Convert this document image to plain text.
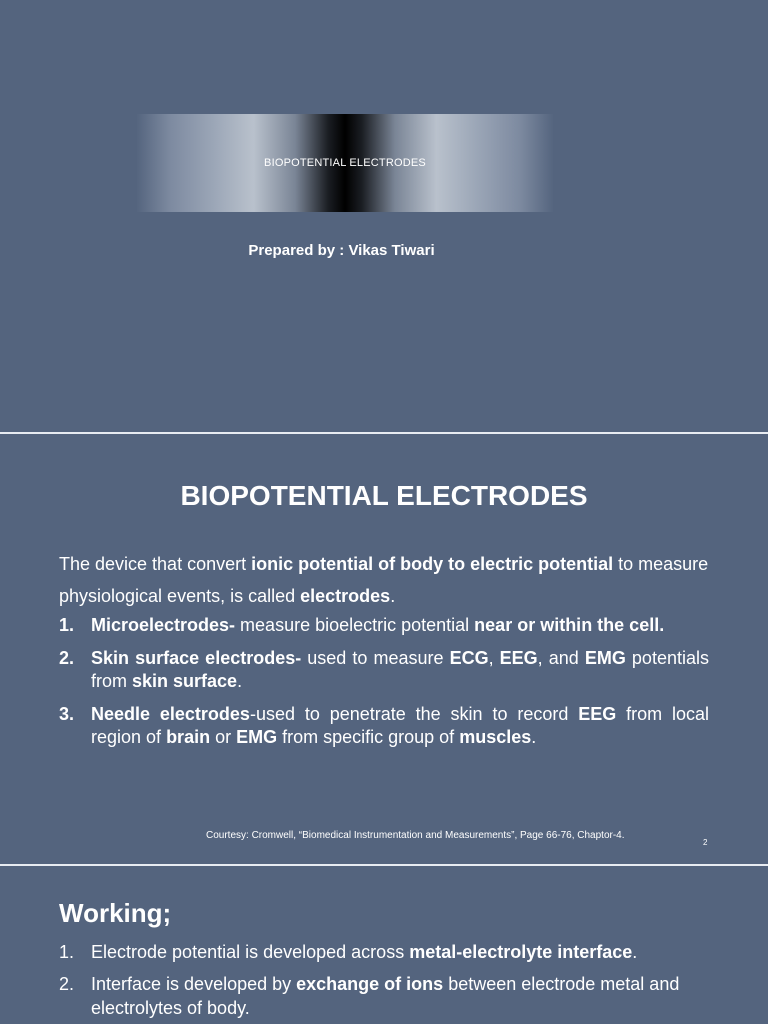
BIOPOTENTIAL ELECTRODES
Prepared by : Vikas Tiwari
BIOPOTENTIAL ELECTRODES
The device that convert ionic potential of body to electric potential to measure physiological events, is called electrodes.
1. Microelectrodes- measure bioelectric potential near or within the cell.
2. Skin surface electrodes- used to measure ECG, EEG, and EMG potentials from skin surface.
3. Needle electrodes-used to penetrate the skin to record EEG from local region of brain or EMG from specific group of muscles.
Courtesy: Cromwell, “Biomedical Instrumentation and Measurements”, Page 66-76, Chaptor-4.
2
Working;
1. Electrode potential is developed across metal-electrolyte interface.
2. Interface is developed by exchange of ions between electrode metal and electrolytes of body.
